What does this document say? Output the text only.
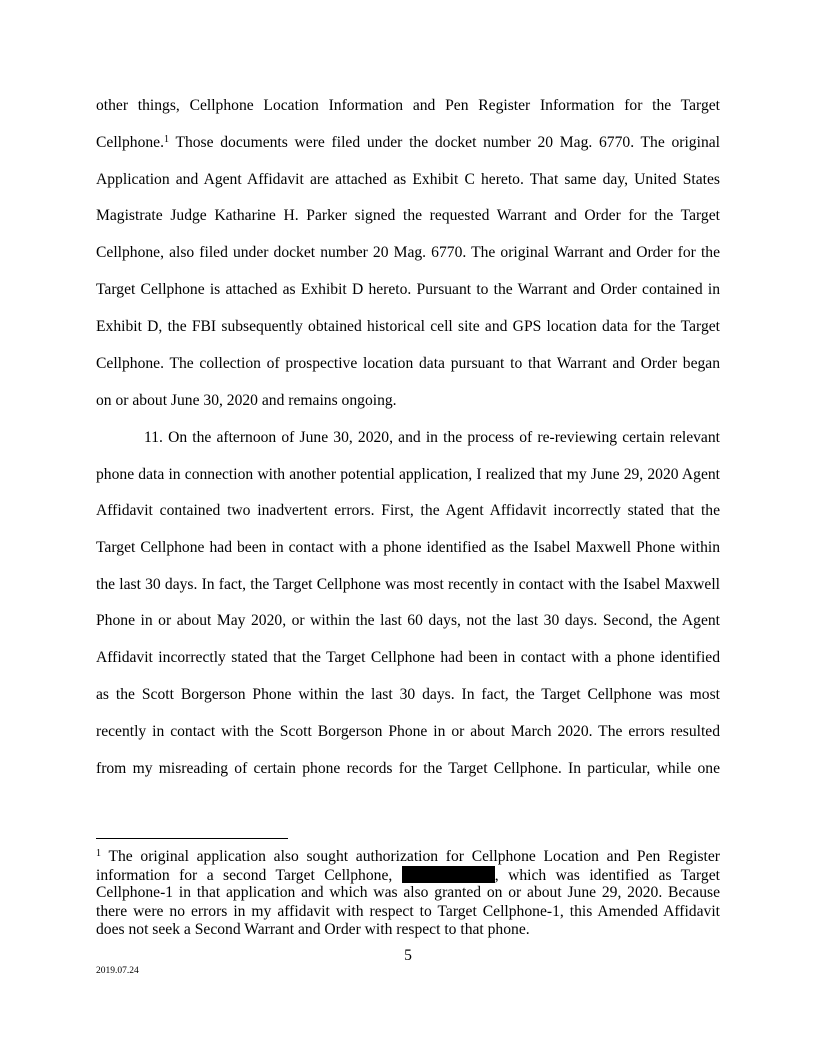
other things, Cellphone Location Information and Pen Register Information for the Target
Cellphone.$^1$ Those documents were filed under the docket number 20 Mag. 6770. The original
Application and Agent Affidavit are attached as Exhibit C hereto. That same day, United States
Magistrate Judge Katharine H. Parker signed the requested Warrant and Order for the Target
Cellphone, also filed under docket number 20 Mag. 6770. The original Warrant and Order for the
Target Cellphone is attached as Exhibit D hereto. Pursuant to the Warrant and Order contained in
Exhibit D, the FBI subsequently obtained historical cell site and GPS location data for the Target
Cellphone. The collection of prospective location data pursuant to that Warrant and Order began
on or about June 30, 2020 and remains ongoing.
11. On the afternoon of June 30, 2020, and in the process of re-reviewing certain relevant
phone data in connection with another potential application, I realized that my June 29, 2020 Agent
Affidavit contained two inadvertent errors. First, the Agent Affidavit incorrectly stated that the
Target Cellphone had been in contact with a phone identified as the Isabel Maxwell Phone within
the last 30 days. In fact, the Target Cellphone was most recently in contact with the Isabel Maxwell
Phone in or about May 2020, or within the last 60 days, not the last 30 days. Second, the Agent
Affidavit incorrectly stated that the Target Cellphone had been in contact with a phone identified
as the Scott Borgerson Phone within the last 30 days. In fact, the Target Cellphone was most
recently in contact with the Scott Borgerson Phone in or about March 2020. The errors resulted
from my misreading of certain phone records for the Target Cellphone. In particular, while one
$^1$ The original application also sought authorization for Cellphone Location and Pen Register
information for a second Target Cellphone,	, which was identified as Target
Cellphone-1 in that application and which was also granted on or about June 29, 2020. Because
there were no errors in my affidavit with respect to Target Cellphone-1, this Amended Affidavit
does not seek a Second Warrant and Order with respect to that phone.
5
2019.07.24
